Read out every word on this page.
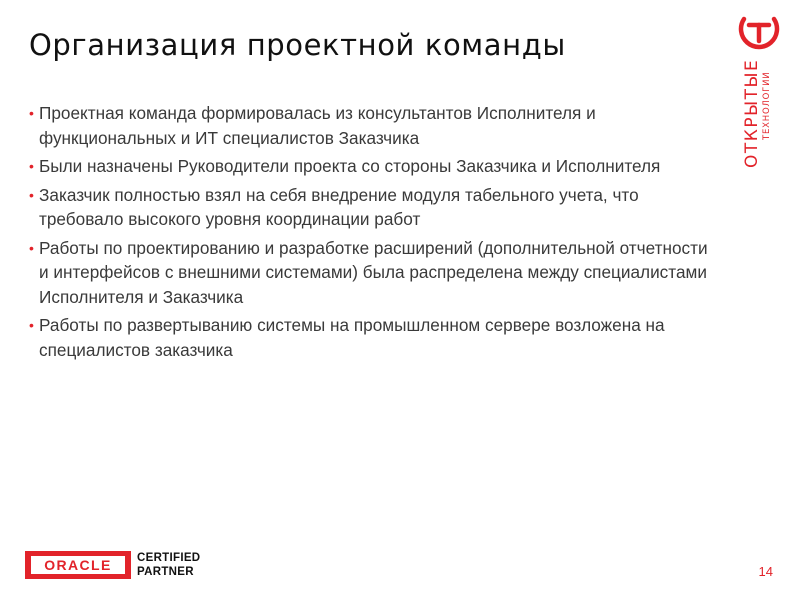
Организация проектной команды
• Проектная команда формировалась из консультантов Исполнителя и функциональных и ИТ специалистов Заказчика
• Были назначены Руководители проекта со стороны Заказчика и Исполнителя
• Заказчик полностью взял на себя внедрение модуля табельного учета, что требовало высокого уровня координации работ
• Работы по проектированию и разработке расширений (дополнительной отчетности и интерфейсов с внешними системами) была распределена между специалистами Исполнителя и Заказчика
• Работы по развертыванию системы на промышленном сервере возложена на специалистов заказчика
ОТКРЫТЫЕ ТЕХНОЛОГИИ
ORACLE	CERTIFIED
PARTNER	14
